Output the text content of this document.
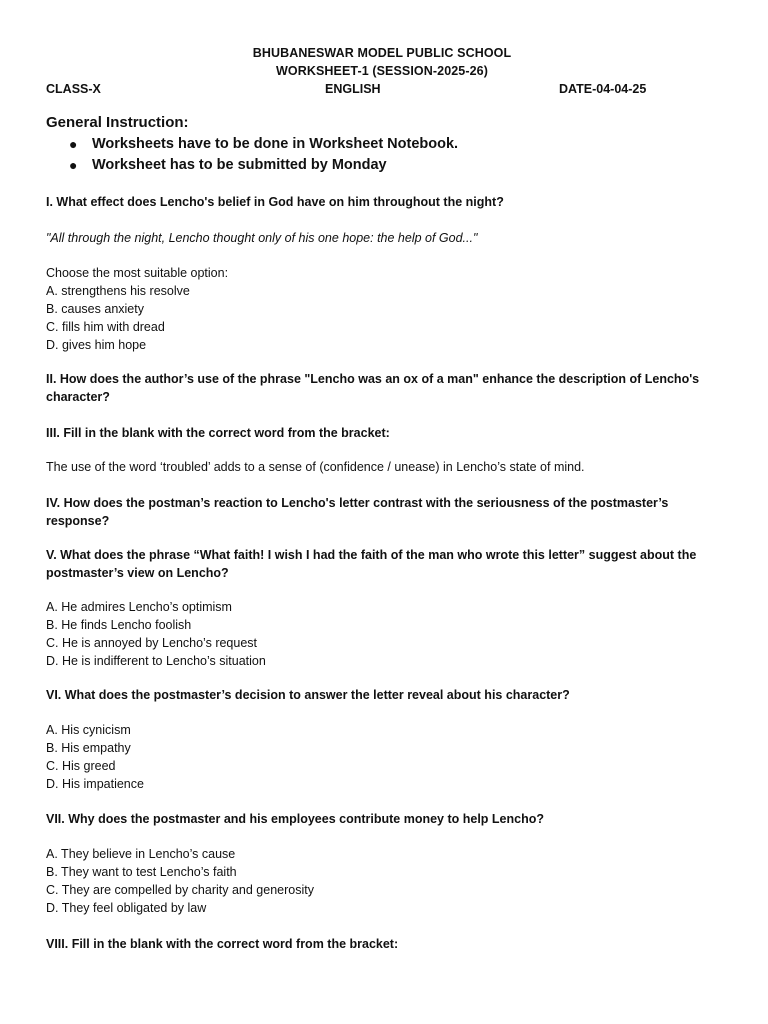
BHUBANESWAR MODEL PUBLIC SCHOOL
WORKSHEET-1 (SESSION-2025-26)
CLASS-X	ENGLISH	DATE-04-04-25
General Instruction:
● Worksheets have to be done in Worksheet Notebook.
● Worksheet has to be submitted by Monday
I. What effect does Lencho's belief in God have on him throughout the night?
"All through the night, Lencho thought only of his one hope: the help of God..."
Choose the most suitable option:
A. strengthens his resolve
B. causes anxiety
C. fills him with dread
D. gives him hope
II. How does the author’s use of the phrase "Lencho was an ox of a man" enhance the description of Lencho's character?
III. Fill in the blank with the correct word from the bracket:
The use of the word ‘troubled’ adds to a sense of (confidence / unease) in Lencho’s state of mind.
IV. How does the postman’s reaction to Lencho's letter contrast with the seriousness of the postmaster’s response?
V. What does the phrase “What faith! I wish I had the faith of the man who wrote this letter” suggest about the postmaster’s view on Lencho?
A. He admires Lencho’s optimism
B. He finds Lencho foolish
C. He is annoyed by Lencho’s request
D. He is indifferent to Lencho’s situation
VI. What does the postmaster’s decision to answer the letter reveal about his character?
A. His cynicism
B. His empathy
C. His greed
D. His impatience
VII. Why does the postmaster and his employees contribute money to help Lencho?
A. They believe in Lencho’s cause
B. They want to test Lencho’s faith
C. They are compelled by charity and generosity
D. They feel obligated by law
VIII. Fill in the blank with the correct word from the bracket:
